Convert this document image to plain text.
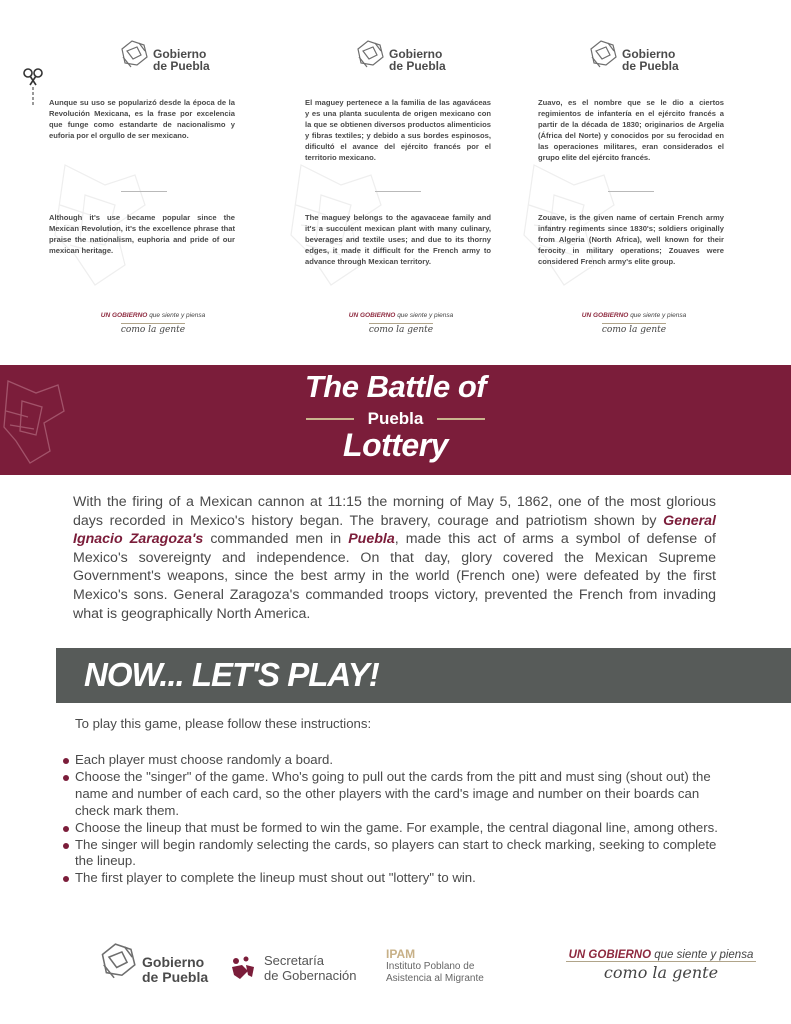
Gobierno
de Puebla

Aunque su uso se popularizó desde la época de la Revolución Mexicana, es la frase por excelencia que funge como estandarte de nacionalismo y euforia por el orgullo de ser mexicano.

Although it's use became popular since the Mexican Revolution, it's the excellence phrase that praise the nationalism, euphoria and pride of our mexican heritage.

UN GOBIERNO que siente y piensa
como la gente
Gobierno
de Puebla

El maguey pertenece a la familia de las agaváceas y es una planta suculenta de origen mexicano con la que se obtienen diversos productos alimenticios y fibras textiles; y debido a sus bordes espinosos, dificultó el avance del ejército francés por el territorio mexicano.

The maguey belongs to the agavaceae family and it's a succulent mexican plant with many culinary, beverages and textile uses; and due to its thorny edges, it made it difficult for the French army to advance through Mexican territory.

UN GOBIERNO que siente y piensa
como la gente
Gobierno
de Puebla

Zuavo, es el nombre que se le dio a ciertos regimientos de infantería en el ejército francés a partir de la década de 1830; originarios de Argelia (África del Norte) y conocidos por su ferocidad en las operaciones militares, eran considerados el grupo elite del ejército francés.

Zouave, is the given name of certain French army infantry regiments since 1830's; soldiers originally from Algeria (North Africa), well known for their ferocity in military operations; Zouaves were considered French army's elite group.

UN GOBIERNO que siente y piensa
como la gente
The Battle of
Puebla
Lottery

With the firing of a Mexican cannon at 11:15 the morning of May 5, 1862, one of the most glorious days recorded in Mexico's history began. The bravery, courage and patriotism shown by General Ignacio Zaragoza's commanded men in Puebla, made this act of arms a symbol of defense of Mexico's sovereignty and independence. On that day, glory covered the Mexican Supreme Government's weapons, since the best army in the world (French one) were defeated by the first Mexico's sons. General Zaragoza's commanded troops victory, prevented the French from invading what is geographically North America.

NOW... LET'S PLAY!

To play this game, please follow these instructions:

Each player must choose randomly a board.
Choose the "singer" of the game. Who's going to pull out the cards from the pitt and must sing (shout out) the name and number of each card, so the other players with the card's image and number on their boards can check mark them.
Choose the lineup that must be formed to win the game. For example, the central diagonal line, among others.
The singer will begin randomly selecting the cards, so players can start to check marking, seeking to complete the lineup.
The first player to complete the lineup must shout out "lottery" to win.
Gobierno
de Puebla
Secretaría
de Gobernación
IPAM
Instituto Poblano de
Asistencia al Migrante
UN GOBIERNO que siente y piensa
como la gente
